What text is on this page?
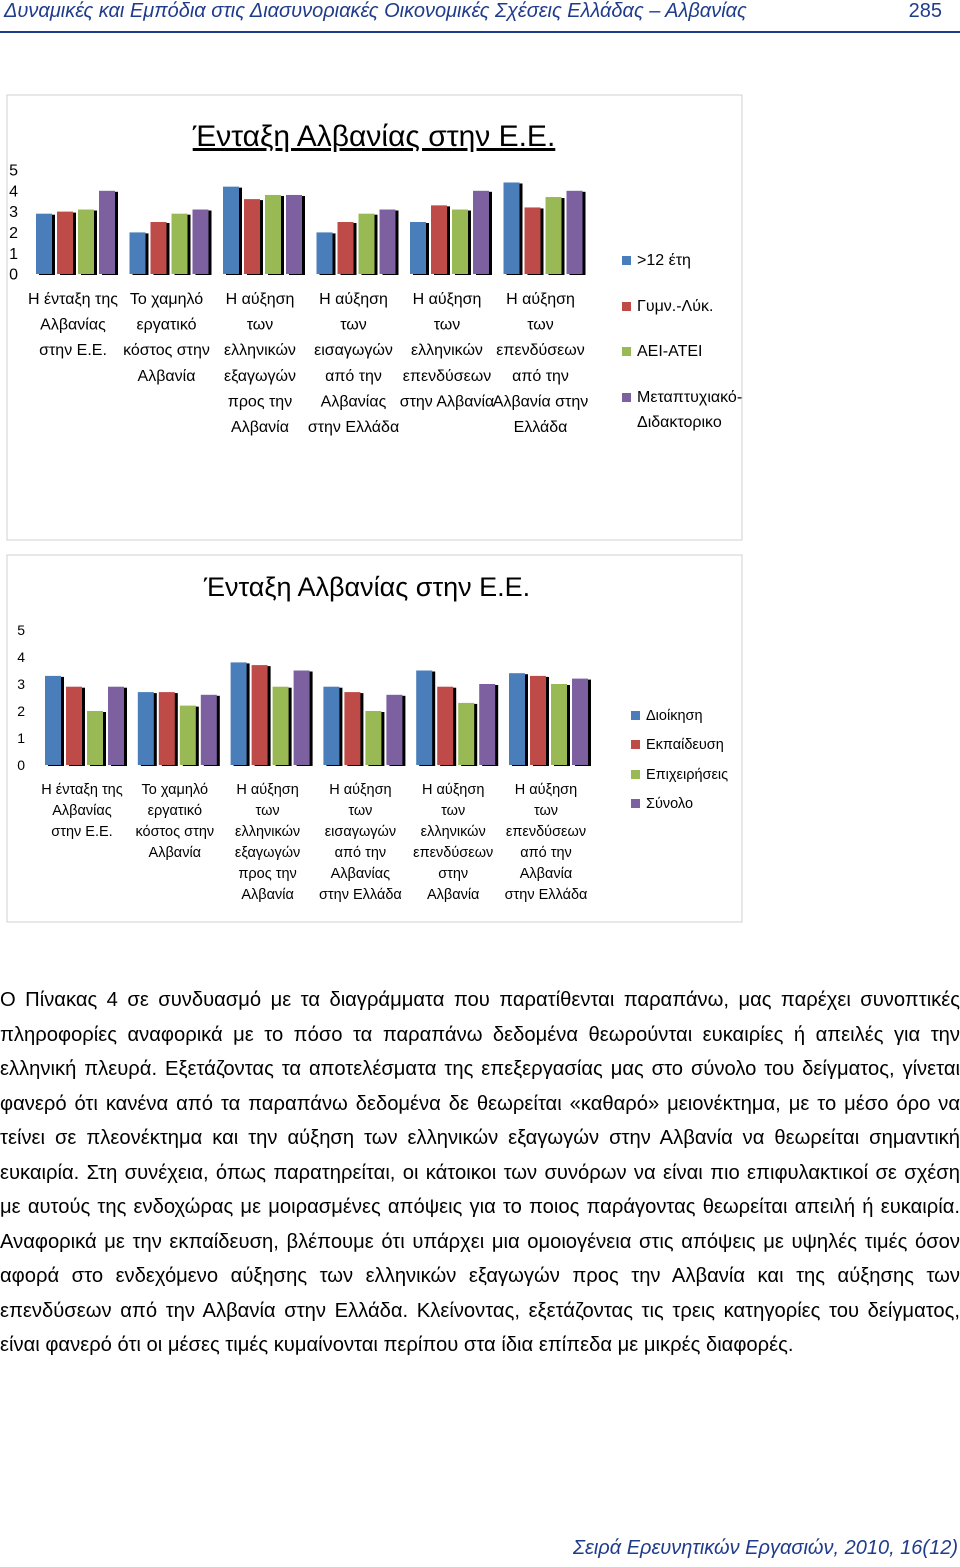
Δυναμικές και Εμπόδια στις Διασυνοριακές Οικονομικές Σχέσεις Ελλάδας – Αλβανίας	285
Ένταξη Αλβανίας στην Ε.Ε.
Ένταξη Αλβανίας στην Ε.Ε.
0
1
2
3
4
5
Η ένταξη της
Αλβανίας
στην Ε.Ε.
Το χαμηλό
εργατικό
κόστος στην
Αλβανία
Η αύξηση
των
ελληνικών
εξαγωγών
προς την
Αλβανία
Η αύξηση
των
εισαγωγών
από την
Αλβανίας
στην Ελλάδα
Η αύξηση
των
ελληνικών
επενδύσεων
στην Αλβανία
Η αύξηση
των
επενδύσεων
από την
Αλβανία στην
Ελλάδα
>12 έτη
Γυμν.-Λύκ.
ΑΕΙ-ΑΤΕΙ
Μεταπτυχιακό-
Διδακτορικο
0
1
2
3
4
5
Η ένταξη της
Αλβανίας
στην Ε.Ε.
Το χαμηλό
εργατικό
κόστος στην
Αλβανία
Η αύξηση
των
ελληνικών
εξαγωγών
προς την
Αλβανία
Η αύξηση
των
εισαγωγών
από την
Αλβανίας
στην Ελλάδα
Η αύξηση
των
ελληνικών
επενδύσεων
στην
Αλβανία
Η αύξηση
των
επενδύσεων
από την
Αλβανία
στην Ελλάδα
Διοίκηση
Εκπαίδευση
Επιχειρήσεις
Σύνολο
Ο Πίνακας 4 σε συνδυασμό με τα διαγράμματα που παρατίθενται παραπάνω, μας παρέχει συνοπτικές πληροφορίες αναφορικά με το πόσο τα παραπάνω δεδομένα θεωρούνται ευκαιρίες ή απειλές για την ελληνική πλευρά. Εξετάζοντας τα αποτελέσματα της επεξεργασίας μας στο σύνολο του δείγματος, γίνεται φανερό ότι κανένα από τα παραπάνω δεδομένα δε θεωρείται «καθαρό» μειονέκτημα, με το μέσο όρο να τείνει σε πλεονέκτημα και την αύξηση των ελληνικών εξαγωγών στην Αλβανία να θεωρείται σημαντική ευκαιρία. Στη συνέχεια, όπως παρατηρείται, οι κάτοικοι των συνόρων να είναι πιο επιφυλακτικοί σε σχέση με αυτούς της ενδοχώρας με μοιρασμένες απόψεις για το ποιος παράγοντας θεωρείται απειλή ή ευκαιρία. Αναφορικά με την εκπαίδευση, βλέπουμε ότι υπάρχει μια ομοιογένεια στις απόψεις με υψηλές τιμές όσον αφορά στο ενδεχόμενο αύξησης των ελληνικών εξαγωγών προς την Αλβανία και της αύξησης των επενδύσεων από την Αλβανία στην Ελλάδα. Κλείνοντας, εξετάζοντας τις τρεις κατηγορίες του δείγματος, είναι φανερό ότι οι μέσες τιμές κυμαίνονται περίπου στα ίδια επίπεδα με μικρές διαφορές.
Σειρά Ερευνητικών Εργασιών, 2010, 16(12)
